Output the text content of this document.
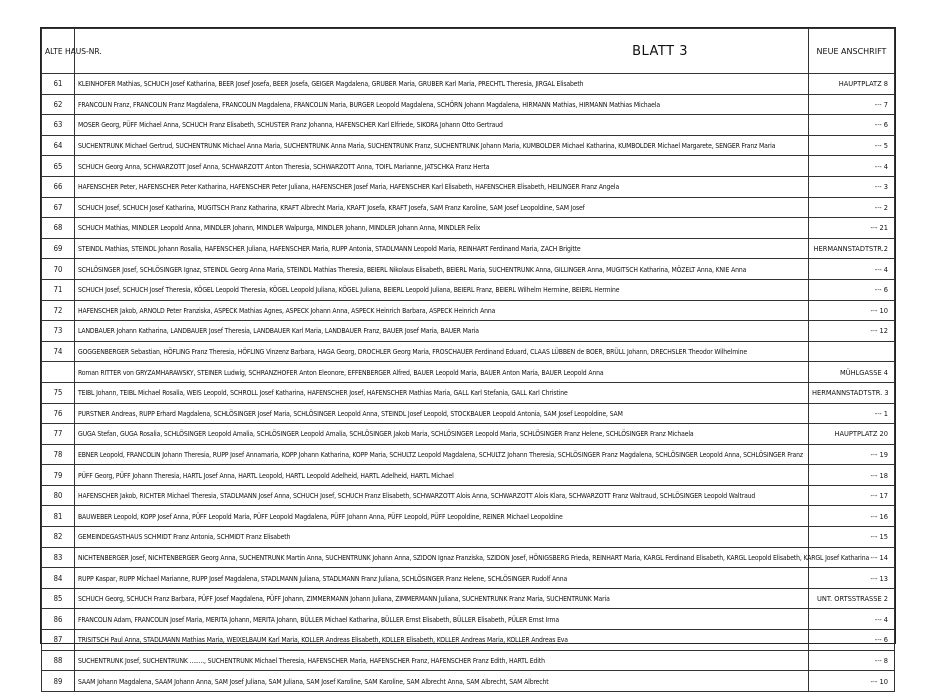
ALTE HAUS-NR.	BLATT 3	NEUE ANSCHRIFT
61	KLEINHOFER Mathias, SCHUCH Josef Katharina, BEER Josef Josefa, BEER Josefa, GEIGER Magdalena, GRUBER Maria, GRUBER Karl Maria, PRECHTL Theresia, JIRGAL Elisabeth	HAUPTPLATZ 8
62	FRANCOLIN Franz, FRANCOLIN Franz Magdalena, FRANCOLIN Magdalena, FRANCOLIN Maria, BURGER Leopold Magdalena, SCHÖRN Johann Magdalena, HIRMANN Mathias, HIRMANN Mathias Michaela	-·- 7
63	MOSER Georg, PÜFF Michael Anna, SCHUCH Franz Elisabeth, SCHUSTER Franz Johanna, HAFENSCHER Karl Elfriede, SIKORA Johann Otto Gertraud	-·- 6
64	SUCHENTRUNK Michael Gertrud, SUCHENTRUNK Michael Anna Maria, SUCHENTRUNK Anna Maria, SUCHENTRUNK Franz, SUCHENTRUNK Johann Maria, KUMBOLDER Michael Katharina, KUMBOLDER Michael Margarete, SENGER Franz Maria	-·- 5
65	SCHUCH Georg Anna, SCHWARZOTT Josef Anna, SCHWARZOTT Anton Theresia, SCHWARZOTT Anna, TOIFL Marianne, JATSCHKA Franz Herta	-·- 4
66	HAFENSCHER Peter, HAFENSCHER Peter Katharina, HAFENSCHER Peter Juliana, HAFENSCHER Josef Maria, HAFENSCHER Karl Elisabeth, HAFENSCHER Elisabeth, HEILINGER Franz Angela	-·- 3
67	SCHUCH Josef, SCHUCH Josef Katharina, MUGITSCH Franz Katharina, KRAFT Albrecht Maria, KRAFT Josefa, KRAFT Josefa, SAM Franz Karoline, SAM Josef Leopoldine, SAM Josef	-·- 2
68	SCHUCH Mathias, MINDLER Leopold Anna, MINDLER Johann, MINDLER Walpurga, MINDLER Johann, MINDLER Johann Anna, MINDLER Felix	-·- 21
69	STEINDL Mathias, STEINDL Johann Rosalia, HAFENSCHER Juliana, HAFENSCHER Maria, RUPP Antonia, STADLMANN Leopold Maria, REINHART Ferdinand Maria, ZACH Brigitte	HERMANNSTADTSTR.2
70	SCHLÖSINGER Josef, SCHLÖSINGER Ignaz, STEINDL Georg Anna Maria, STEINDL Mathias Theresia, BEIERL Nikolaus Elisabeth, BEIERL Maria, SUCHENTRUNK Anna, GILLINGER Anna, MUGITSCH Katharina, MÖZELT Anna, KNIE Anna	-·- 4
71	SCHUCH Josef, SCHUCH Josef Theresia, KÖGEL Leopold Theresia, KÖGEL Leopold Juliana, KÖGEL Juliana, BEIERL Leopold Juliana, BEIERL Franz, BEIERL Wilhelm Hermine, BEIERL Hermine	-·- 6
72	HAFENSCHER Jakob, ARNOLD Peter Franziska, ASPECK Mathias Agnes, ASPECK Johann Anna, ASPECK Heinrich Barbara, ASPECK Heinrich Anna	-·- 10
73	LANDBAUER Johann Katharina, LANDBAUER Josef Theresia, LANDBAUER Karl Maria, LANDBAUER Franz, BAUER Josef Maria, BAUER Maria	-·- 12
74	GOGGENBERGER Sebastian, HÖFLING Franz Theresia, HÖFLING Vinzenz Barbara, HAGA Georg, DROCHLER Georg Maria, FROSCHAUER Ferdinand Eduard, CLAAS LÜBBEN de BOER, BRÜLL Johann, DRECHSLER Theodor Wilhelmine	
	Roman RITTER von GRYZAMHARAWSKY, STEINER Ludwig, SCHRANZHOFER Anton Eleonore, EFFENBERGER Alfred, BAUER Leopold Maria, BAUER Anton Maria, BAUER Leopold Anna	MÜHLGASSE 4
75	TEIBL Johann, TEIBL Michael Rosalia, WEIS Leopold, SCHROLL Josef Katharina, HAFENSCHER Josef, HAFENSCHER Mathias Maria, GALL Karl Stefania, GALL Karl Christine	HERMANNSTADTSTR. 3
76	PURSTNER Andreas, RUPP Erhard Magdalena, SCHLÖSINGER Josef Maria, SCHLÖSINGER Leopold Anna, STEINDL Josef Leopold, STOCKBAUER Leopold Antonia, SAM Josef Leopoldine, SAM	-·- 1
77	GUGA Stefan, GUGA Rosalia, SCHLÖSINGER Leopold Amalia, SCHLÖSINGER Leopold Amalia, SCHLÖSINGER Jakob Maria, SCHLÖSINGER Leopold Maria, SCHLÖSINGER Franz Helene, SCHLÖSINGER Franz Michaela	HAUPTPLATZ 20
78	EBNER Leopold, FRANCOLIN Johann Theresia, RUPP Josef Annamaria, KOPP Johann Katharina, KOPP Maria, SCHULTZ Leopold Magdalena, SCHULTZ Johann Theresia, SCHLÖSINGER Franz Magdalena, SCHLÖSINGER Leopold Anna, SCHLÖSINGER Franz	-·- 19
79	PÜFF Georg, PÜFF Johann Theresia, HARTL Josef Anna, HARTL Leopold, HARTL Leopold Adelheid, HARTL Adelheid, HARTL Michael	-·- 18
80	HAFENSCHER Jakob, RICHTER Michael Theresia, STADLMANN Josef Anna, SCHUCH Josef, SCHUCH Franz Elisabeth, SCHWARZOTT Alois Anna, SCHWARZOTT Alois Klara, SCHWARZOTT Franz Waltraud, SCHLÖSINGER Leopold Waltraud	-·- 17
81	BAUWEBER Leopold, KOPP Josef Anna, PÜFF Leopold Maria, PÜFF Leopold Magdalena, PÜFF Johann Anna, PÜFF Leopold, PÜFF Leopoldine, REINER Michael Leopoldine	-·- 16
82	GEMEINDEGASTHAUS SCHMIDT Franz Antonia, SCHMIDT Franz Elisabeth	-·- 15
83	NICHTENBERGER Josef, NICHTENBERGER Georg Anna, SUCHENTRUNK Martin Anna, SUCHENTRUNK Johann Anna, SZIDON Ignaz Franziska, SZIDON Josef, HÖNIGSBERG Frieda, REINHART Maria, KARGL Ferdinand Elisabeth, KARGL Leopold Elisabeth, KARGL Josef Katharina	-·- 14
84	RUPP Kaspar, RUPP Michael Marianne, RUPP Josef Magdalena, STADLMANN Juliana, STADLMANN Franz Juliana, SCHLÖSINGER Franz Helene, SCHLÖSINGER Rudolf Anna	-·- 13
85	SCHUCH Georg, SCHUCH Franz Barbara, PÜFF Josef Magdalena, PÜFF Johann, ZIMMERMANN Johann Juliana, ZIMMERMANN Juliana, SUCHENTRUNK Franz Maria, SUCHENTRUNK Maria	UNT. ORTSSTRASSE 2
86	FRANCOLIN Adam, FRANCOLIN Josef Maria, MERITA Johann, MERITA Johann, BÜLLER Michael Katharina, BÜLLER Ernst Elisabeth, BÜLLER Elisabeth, PÜLER Ernst Irma	-·- 4
87	TRISITSCH Paul Anna, STADLMANN Mathias Maria, WEIXELBAUM Karl Maria, KOLLER Andreas Elisabeth, KOLLER Elisabeth, KOLLER Andreas Maria, KOLLER Andreas Eva	-·- 6
88	SUCHENTRUNK Josef, SUCHENTRUNK ........, SUCHENTRUNK Michael Theresia, HAFENSCHER Maria, HAFENSCHER Franz, HAFENSCHER Franz Edith, HARTL Edith	-·- 8
89	SAAM Johann Magdalena, SAAM Johann Anna, SAM Josef Juliana, SAM Juliana, SAM Josef Karoline, SAM Karoline, SAM Albrecht Anna, SAM Albrecht, SAM Albrecht	-·- 10
